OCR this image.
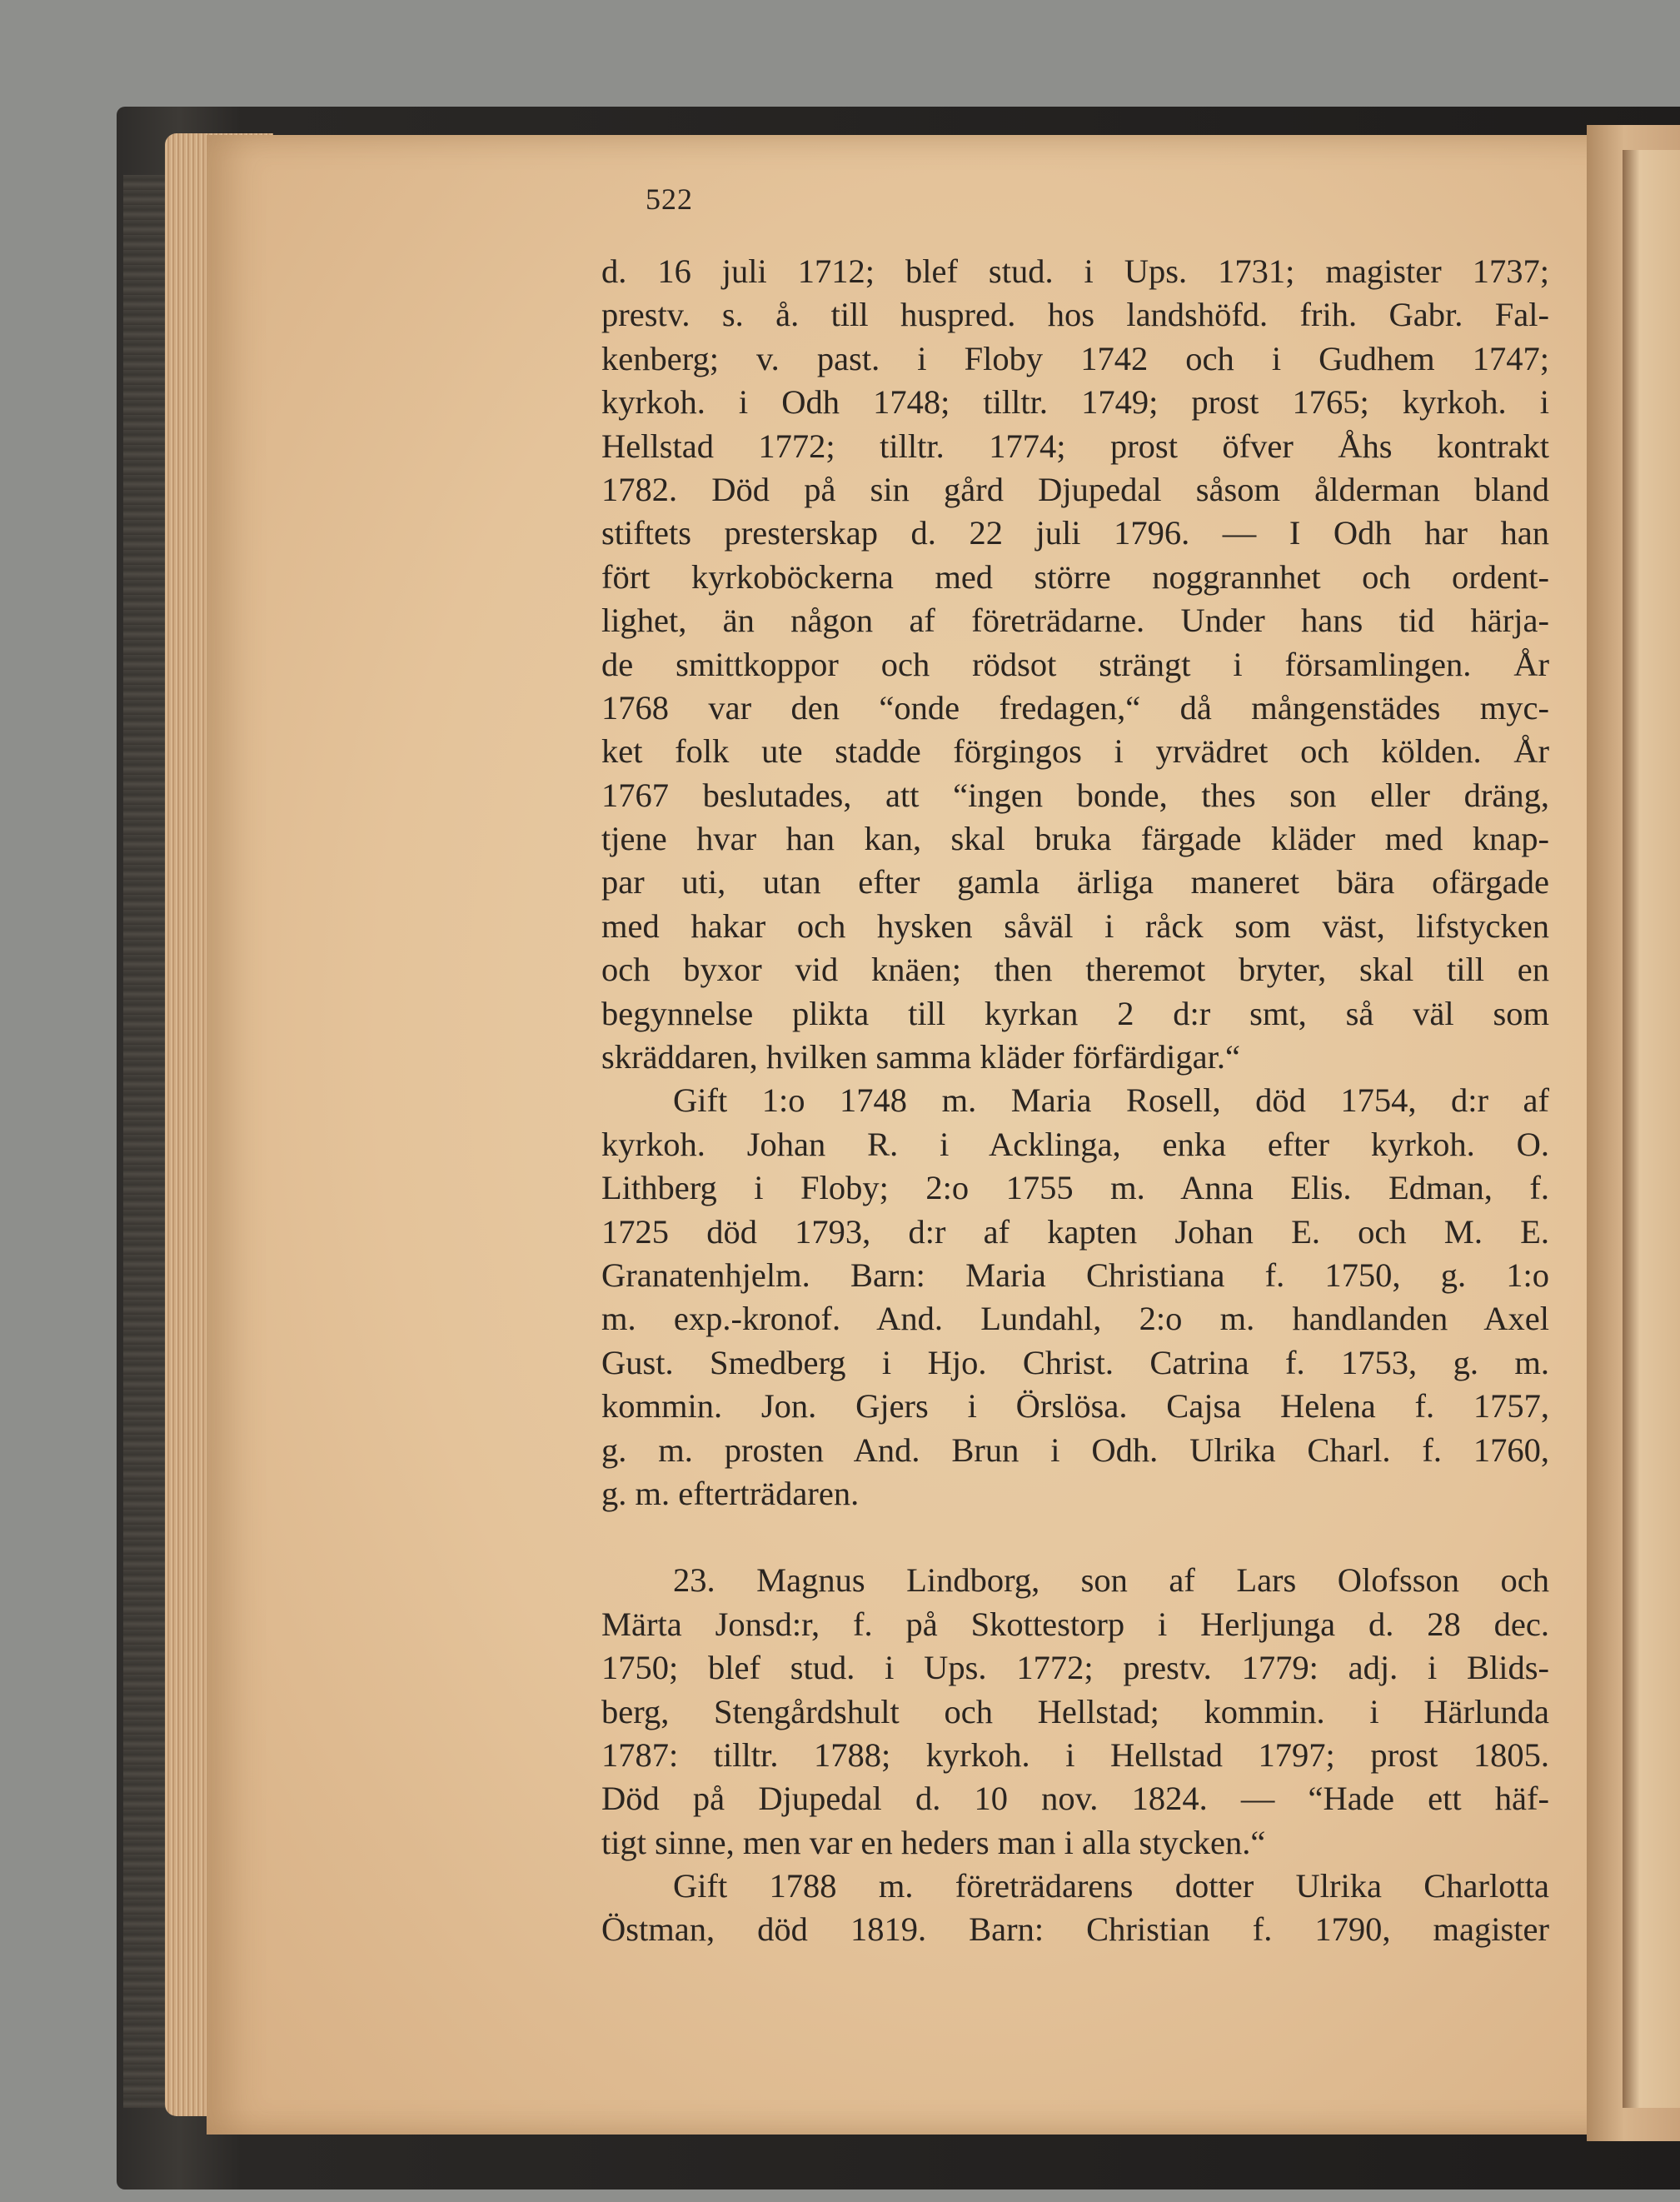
522
d. 16 juli 1712; blef stud. i Ups. 1731; magister 1737;
prestv. s. å. till huspred. hos landshöfd. frih. Gabr. Fal-
kenberg; v. past. i Floby 1742 och i Gudhem 1747;
kyrkoh. i Odh 1748; tilltr. 1749; prost 1765; kyrkoh. i
Hellstad 1772; tilltr. 1774; prost öfver Åhs kontrakt
1782. Död på sin gård Djupedal såsom ålderman bland
stiftets presterskap d. 22 juli 1796. — I Odh har han
fört kyrkoböckerna med större noggrannhet och ordent-
lighet, än någon af företrädarne. Under hans tid härja-
de smittkoppor och rödsot strängt i församlingen. År
1768 var den “onde fredagen,“ då mångenstädes myc-
ket folk ute stadde förgingos i yrvädret och kölden. År
1767 beslutades, att “ingen bonde, thes son eller dräng,
tjene hvar han kan, skal bruka färgade kläder med knap-
par uti, utan efter gamla ärliga maneret bära ofärgade
med hakar och hysken såväl i råck som väst, lifstycken
och byxor vid knäen; then theremot bryter, skal till en
begynnelse plikta till kyrkan 2 d:r smt, så väl som
skräddaren, hvilken samma kläder förfärdigar.“
Gift 1:o 1748 m. Maria Rosell, död 1754, d:r af
kyrkoh. Johan R. i Acklinga, enka efter kyrkoh. O.
Lithberg i Floby; 2:o 1755 m. Anna Elis. Edman, f.
1725 död 1793, d:r af kapten Johan E. och M. E.
Granatenhjelm. Barn: Maria Christiana f. 1750, g. 1:o
m. exp.-kronof. And. Lundahl, 2:o m. handlanden Axel
Gust. Smedberg i Hjo. Christ. Catrina f. 1753, g. m.
kommin. Jon. Gjers i Örslösa. Cajsa Helena f. 1757,
g. m. prosten And. Brun i Odh. Ulrika Charl. f. 1760,
g. m. efterträdaren.
23. Magnus Lindborg, son af Lars Olofsson och
Märta Jonsd:r, f. på Skottestorp i Herljunga d. 28 dec.
1750; blef stud. i Ups. 1772; prestv. 1779: adj. i Blids-
berg, Stengårdshult och Hellstad; kommin. i Härlunda
1787: tilltr. 1788; kyrkoh. i Hellstad 1797; prost 1805.
Död på Djupedal d. 10 nov. 1824. — “Hade ett häf-
tigt sinne, men var en heders man i alla stycken.“
Gift 1788 m. företrädarens dotter Ulrika Charlotta
Östman, död 1819. Barn: Christian f. 1790, magister
